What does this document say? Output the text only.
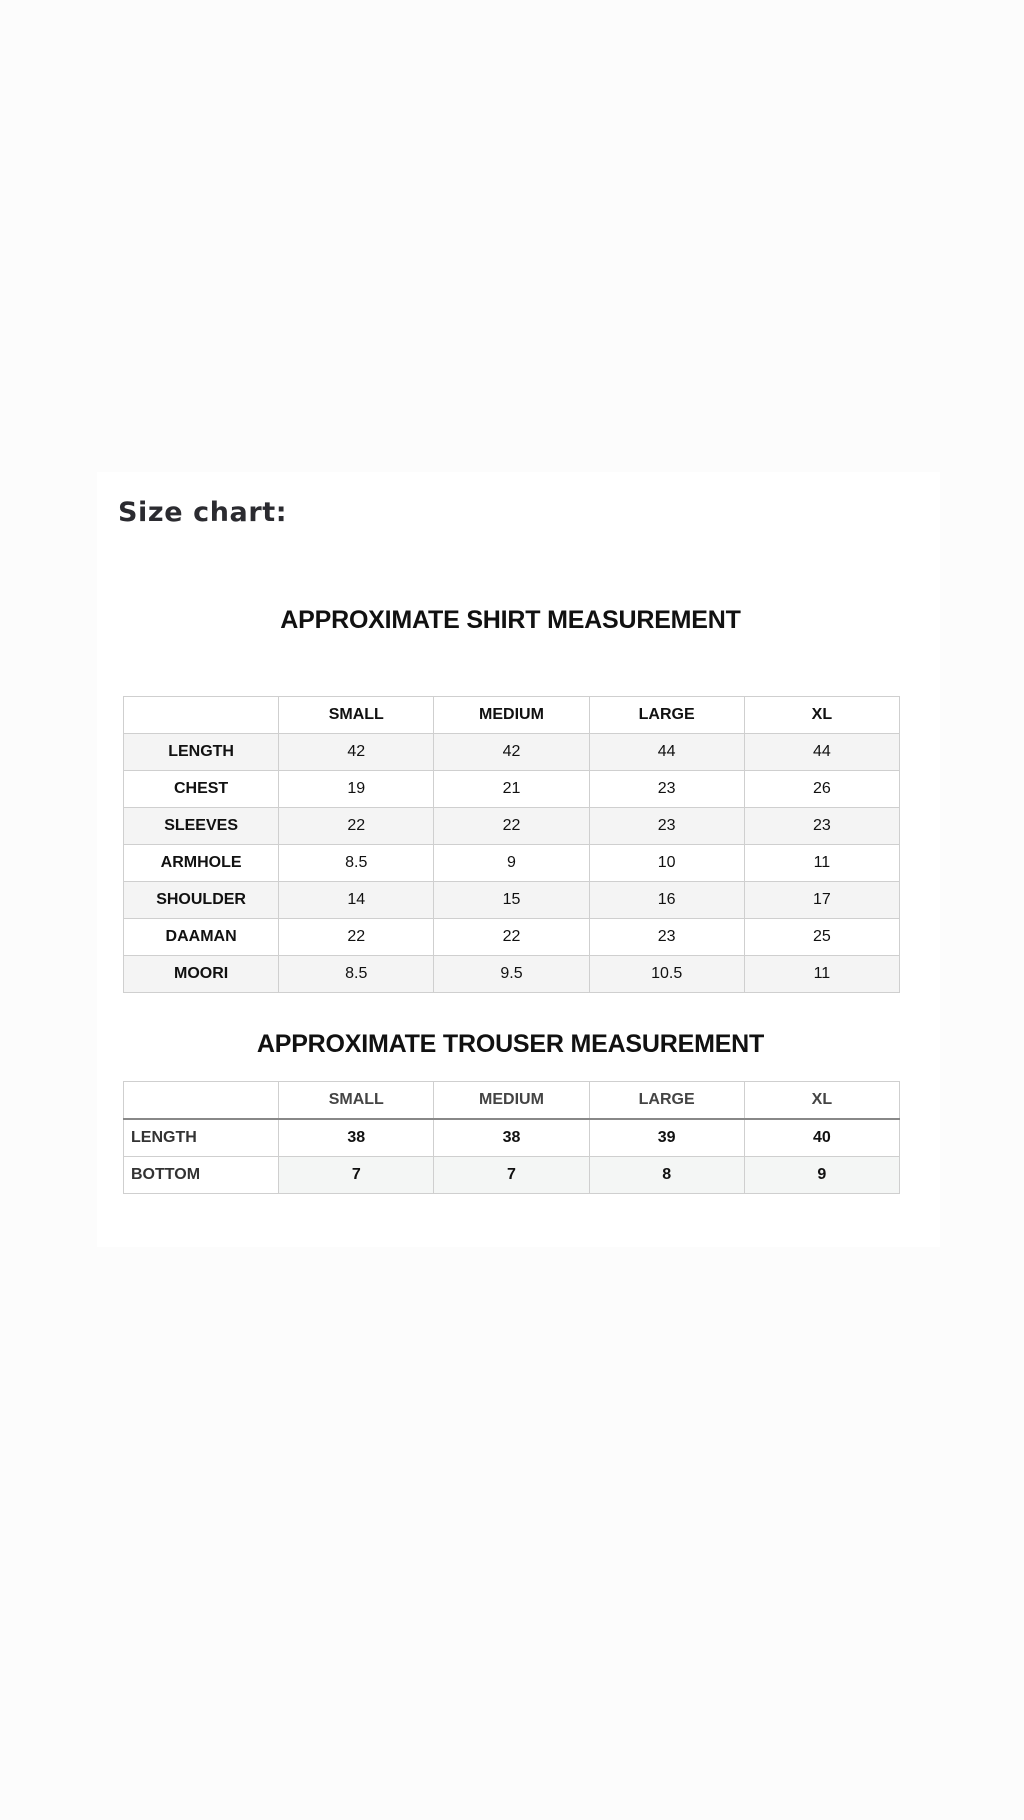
Size chart:
APPROXIMATE SHIRT MEASUREMENT
	SMALL	MEDIUM	LARGE	XL
LENGTH	42	42	44	44
CHEST	19	21	23	26
SLEEVES	22	22	23	23
ARMHOLE	8.5	9	10	11
SHOULDER	14	15	16	17
DAAMAN	22	22	23	25
MOORI	8.5	9.5	10.5	11
APPROXIMATE TROUSER MEASUREMENT
	SMALL	MEDIUM	LARGE	XL
LENGTH	38	38	39	40
BOTTOM	7	7	8	9
